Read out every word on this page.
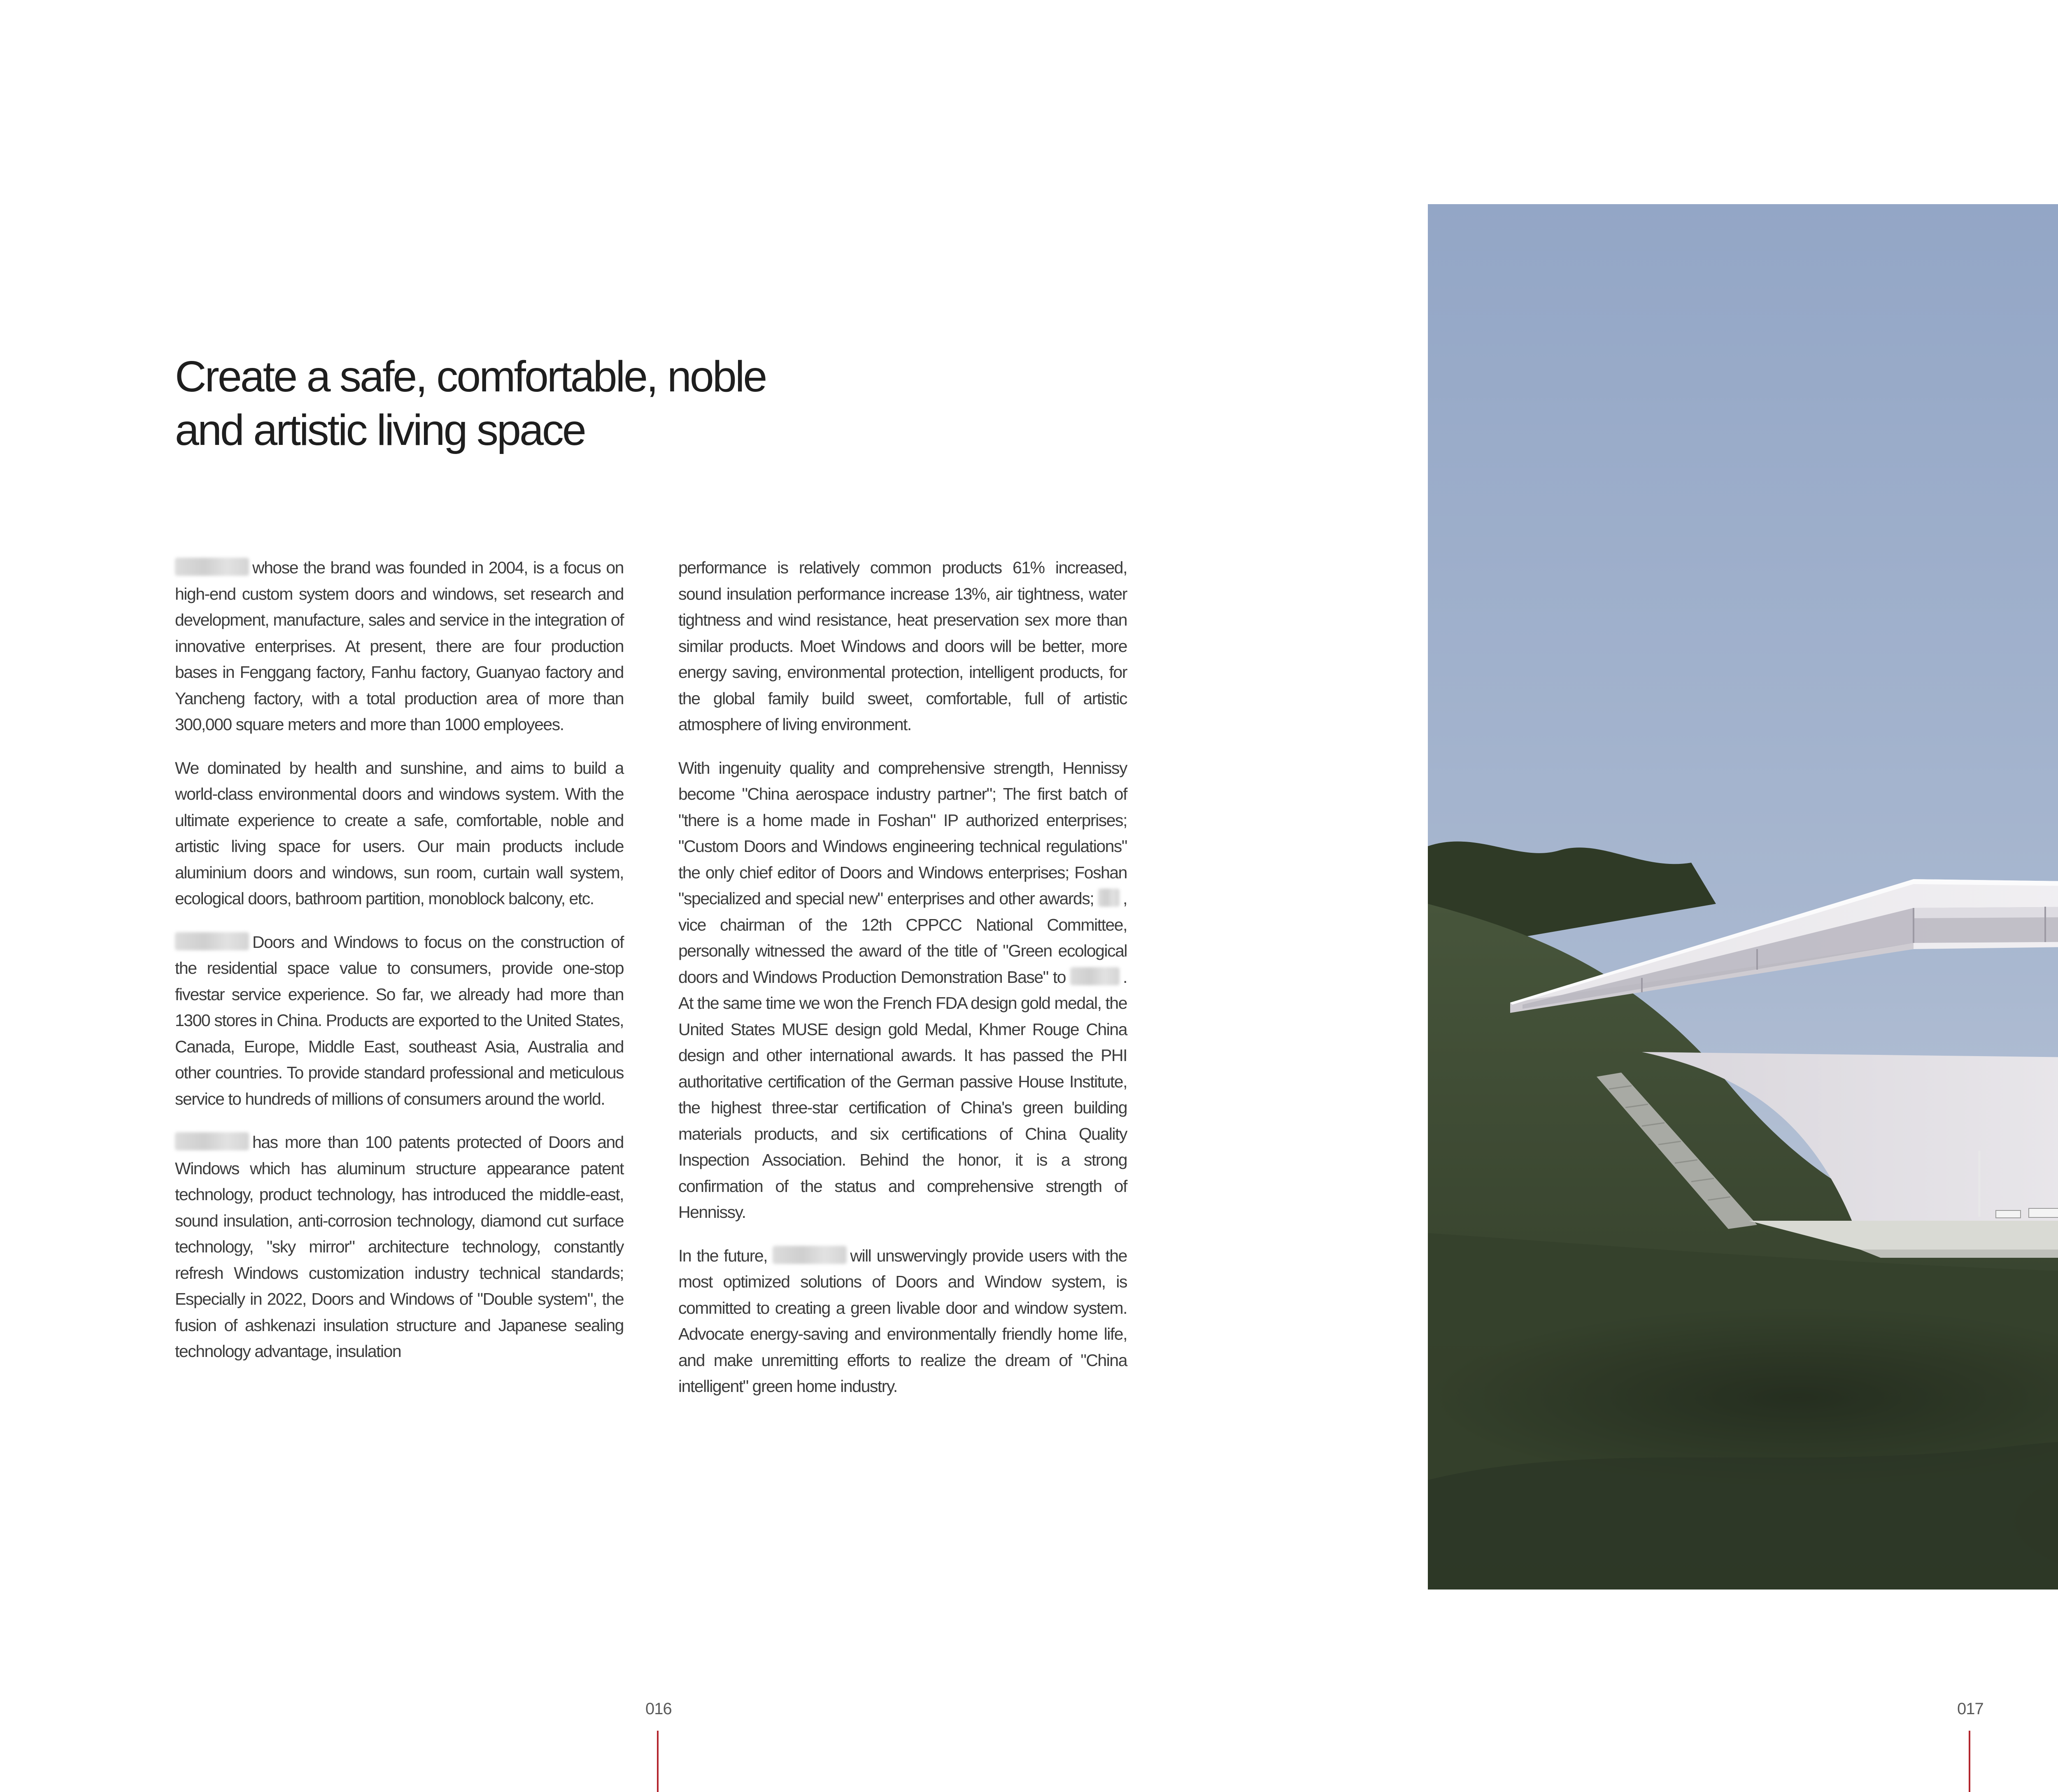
Create a safe, comfortable, noble
and artistic living space

whose the brand was founded in 2004, is a focus on high-end custom system doors and windows, set research and development, manufacture, sales and service in the integration of innovative enterprises. At present, there are four production bases in Fenggang factory, Fanhu factory, Guanyao factory and Yancheng factory, with a total production area of more than 300,000 square meters and more than 1000 employees.

We dominated by health and sunshine, and aims to build a world-class environmental doors and windows system. With the ultimate experience to create a safe, comfortable, noble and artistic living space for users. Our main products include aluminium doors and windows, sun room, curtain wall system, ecological doors, bathroom partition, monoblock balcony, etc.

Doors and Windows to focus on the construction of the residential space value to consumers, provide one-stop fivestar service experience. So far, we already had more than 1300 stores in China. Products are exported to the United States, Canada, Europe, Middle East, southeast Asia, Australia and other countries. To provide standard professional and meticulous service to hundreds of millions of consumers around the world.

has more than 100 patents protected of Doors and Windows which has aluminum structure appearance patent technology, product technology, has introduced the middle-east, sound insulation, anti-corrosion technology, diamond cut surface technology, "sky mirror" architecture technology, constantly refresh Windows customization industry technical standards; Especially in 2022, Doors and Windows of "Double system", the fusion of ashkenazi insulation structure and Japanese sealing technology advantage, insulation

performance is relatively common products 61% increased, sound insulation performance increase 13%, air tightness, water tightness and wind resistance, heat preservation sex more than similar products. Moet Windows and doors will be better, more energy saving, environmental protection, intelligent products, for the global family build sweet, comfortable, full of artistic atmosphere of living environment.

With ingenuity quality and comprehensive strength, Hennissy become "China aerospace industry partner"; The first batch of "there is a home made in Foshan" IP authorized enterprises; "Custom Doors and Windows engineering technical regulations" the only chief editor of Doors and Windows enterprises; Foshan "specialized and special new" enterprises and other awards; , vice chairman of the 12th CPPCC National Committee, personally witnessed the award of the title of "Green ecological doors and Windows Production Demonstration Base" to	. At the same time we won the French FDA design gold medal, the United States MUSE design gold Medal, Khmer Rouge China design and other international awards. It has passed the PHI authoritative certification of the German passive House Institute, the highest three-star certification of China's green building materials products, and six certifications of China Quality Inspection Association. Behind the honor, it is a strong confirmation of the status and comprehensive strength of Hennissy.

In the future,	will unswervingly provide users with the most optimized solutions of Doors and Window system, is committed to creating a green livable door and window system. Advocate energy-saving and environmentally friendly home life, and make unremitting efforts to realize the dream of "China intelligent" green home industry.

016	017
